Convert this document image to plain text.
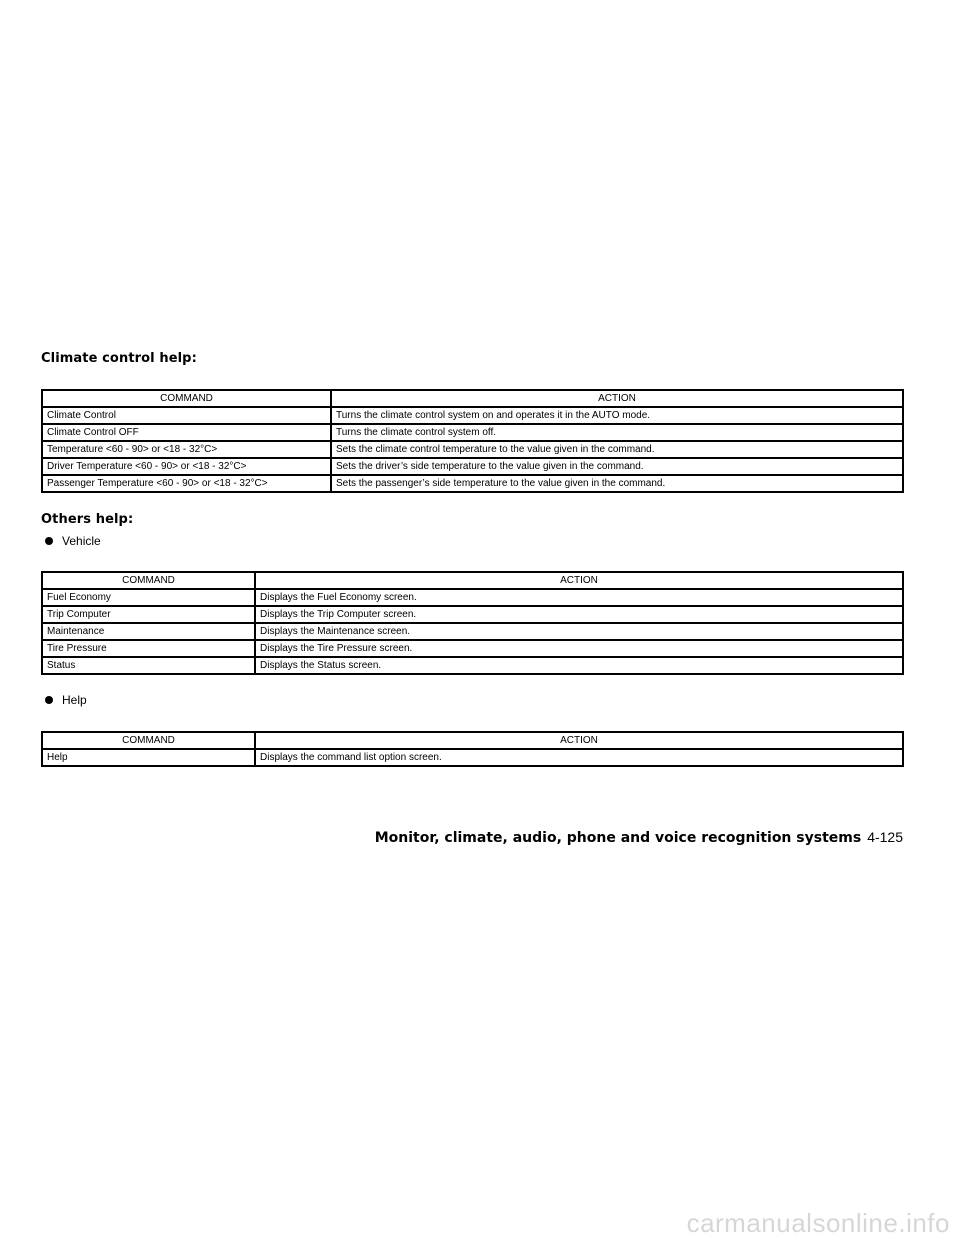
Climate control help:
COMMAND	ACTION
Climate Control	Turns the climate control system on and operates it in the AUTO mode.
Climate Control OFF	Turns the climate control system off.
Temperature <60 - 90> or <18 - 32°C>	Sets the climate control temperature to the value given in the command.
Driver Temperature <60 - 90> or <18 - 32°C>	Sets the driver’s side temperature to the value given in the command.
Passenger Temperature <60 - 90> or <18 - 32°C>	Sets the passenger’s side temperature to the value given in the command.
Others help:
Vehicle
COMMAND	ACTION
Fuel Economy	Displays the Fuel Economy screen.
Trip Computer	Displays the Trip Computer screen.
Maintenance	Displays the Maintenance screen.
Tire Pressure	Displays the Tire Pressure screen.
Status	Displays the Status screen.
Help
COMMAND	ACTION
Help	Displays the command list option screen.
Monitor, climate, audio, phone and voice recognition systems 4-125
carmanualsonline.info
